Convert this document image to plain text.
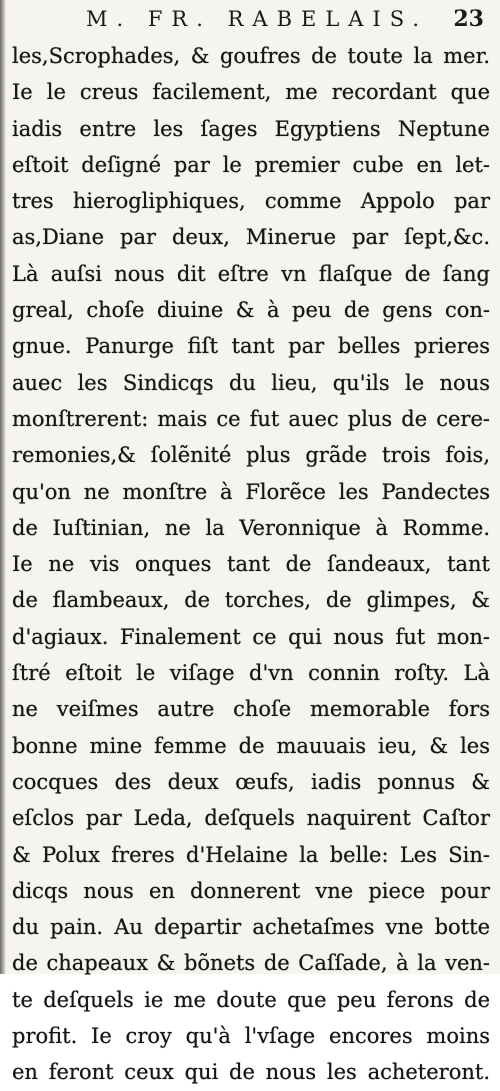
M. FR. RABELAIS. 23
les,Scrophades, & goufres de toute la mer.
Ie le creus facilement, me recordant que
iadis entre les ſages Egyptiens Neptune
eſtoit deſigné par le premier cube en let-
tres hierogliphiques, comme Appolo par
as,Diane par deux, Minerue par ſept,&c.
Là auſsi nous dit eſtre vn flaſque de ſang
greal, choſe diuine & à peu de gens con-
gnue. Panurge fiſt tant par belles prieres
auec les Sindicqs du lieu, qu'ils le nous
monſtrerent: mais ce fut auec plus de cere-
remonies,& ſolẽnité plus grãde trois fois,
qu'on ne monſtre à Florẽce les Pandectes
de Iuſtinian, ne la Veronnique à Romme.
Ie ne vis onques tant de ſandeaux, tant
de flambeaux, de torches, de glimpes, &
d'agiaux. Finalement ce qui nous fut mon-
ſtré eſtoit le viſage d'vn connin roſty. Là
ne veiſmes autre choſe memorable fors
bonne mine femme de mauuais ieu, & les
cocques des deux œufs, iadis ponnus &
eſclos par Leda, deſquels naquirent Caſtor
& Polux freres d'Helaine la belle: Les Sin-
dicqs nous en donnerent vne piece pour
du pain. Au departir achetaſmes vne botte
de chapeaux & bõnets de Caſſade, à la ven-
te deſquels ie me doute que peu ferons de
profit. Ie croy qu'à l'vſage encores moins
en feront ceux qui de nous les acheteront.
